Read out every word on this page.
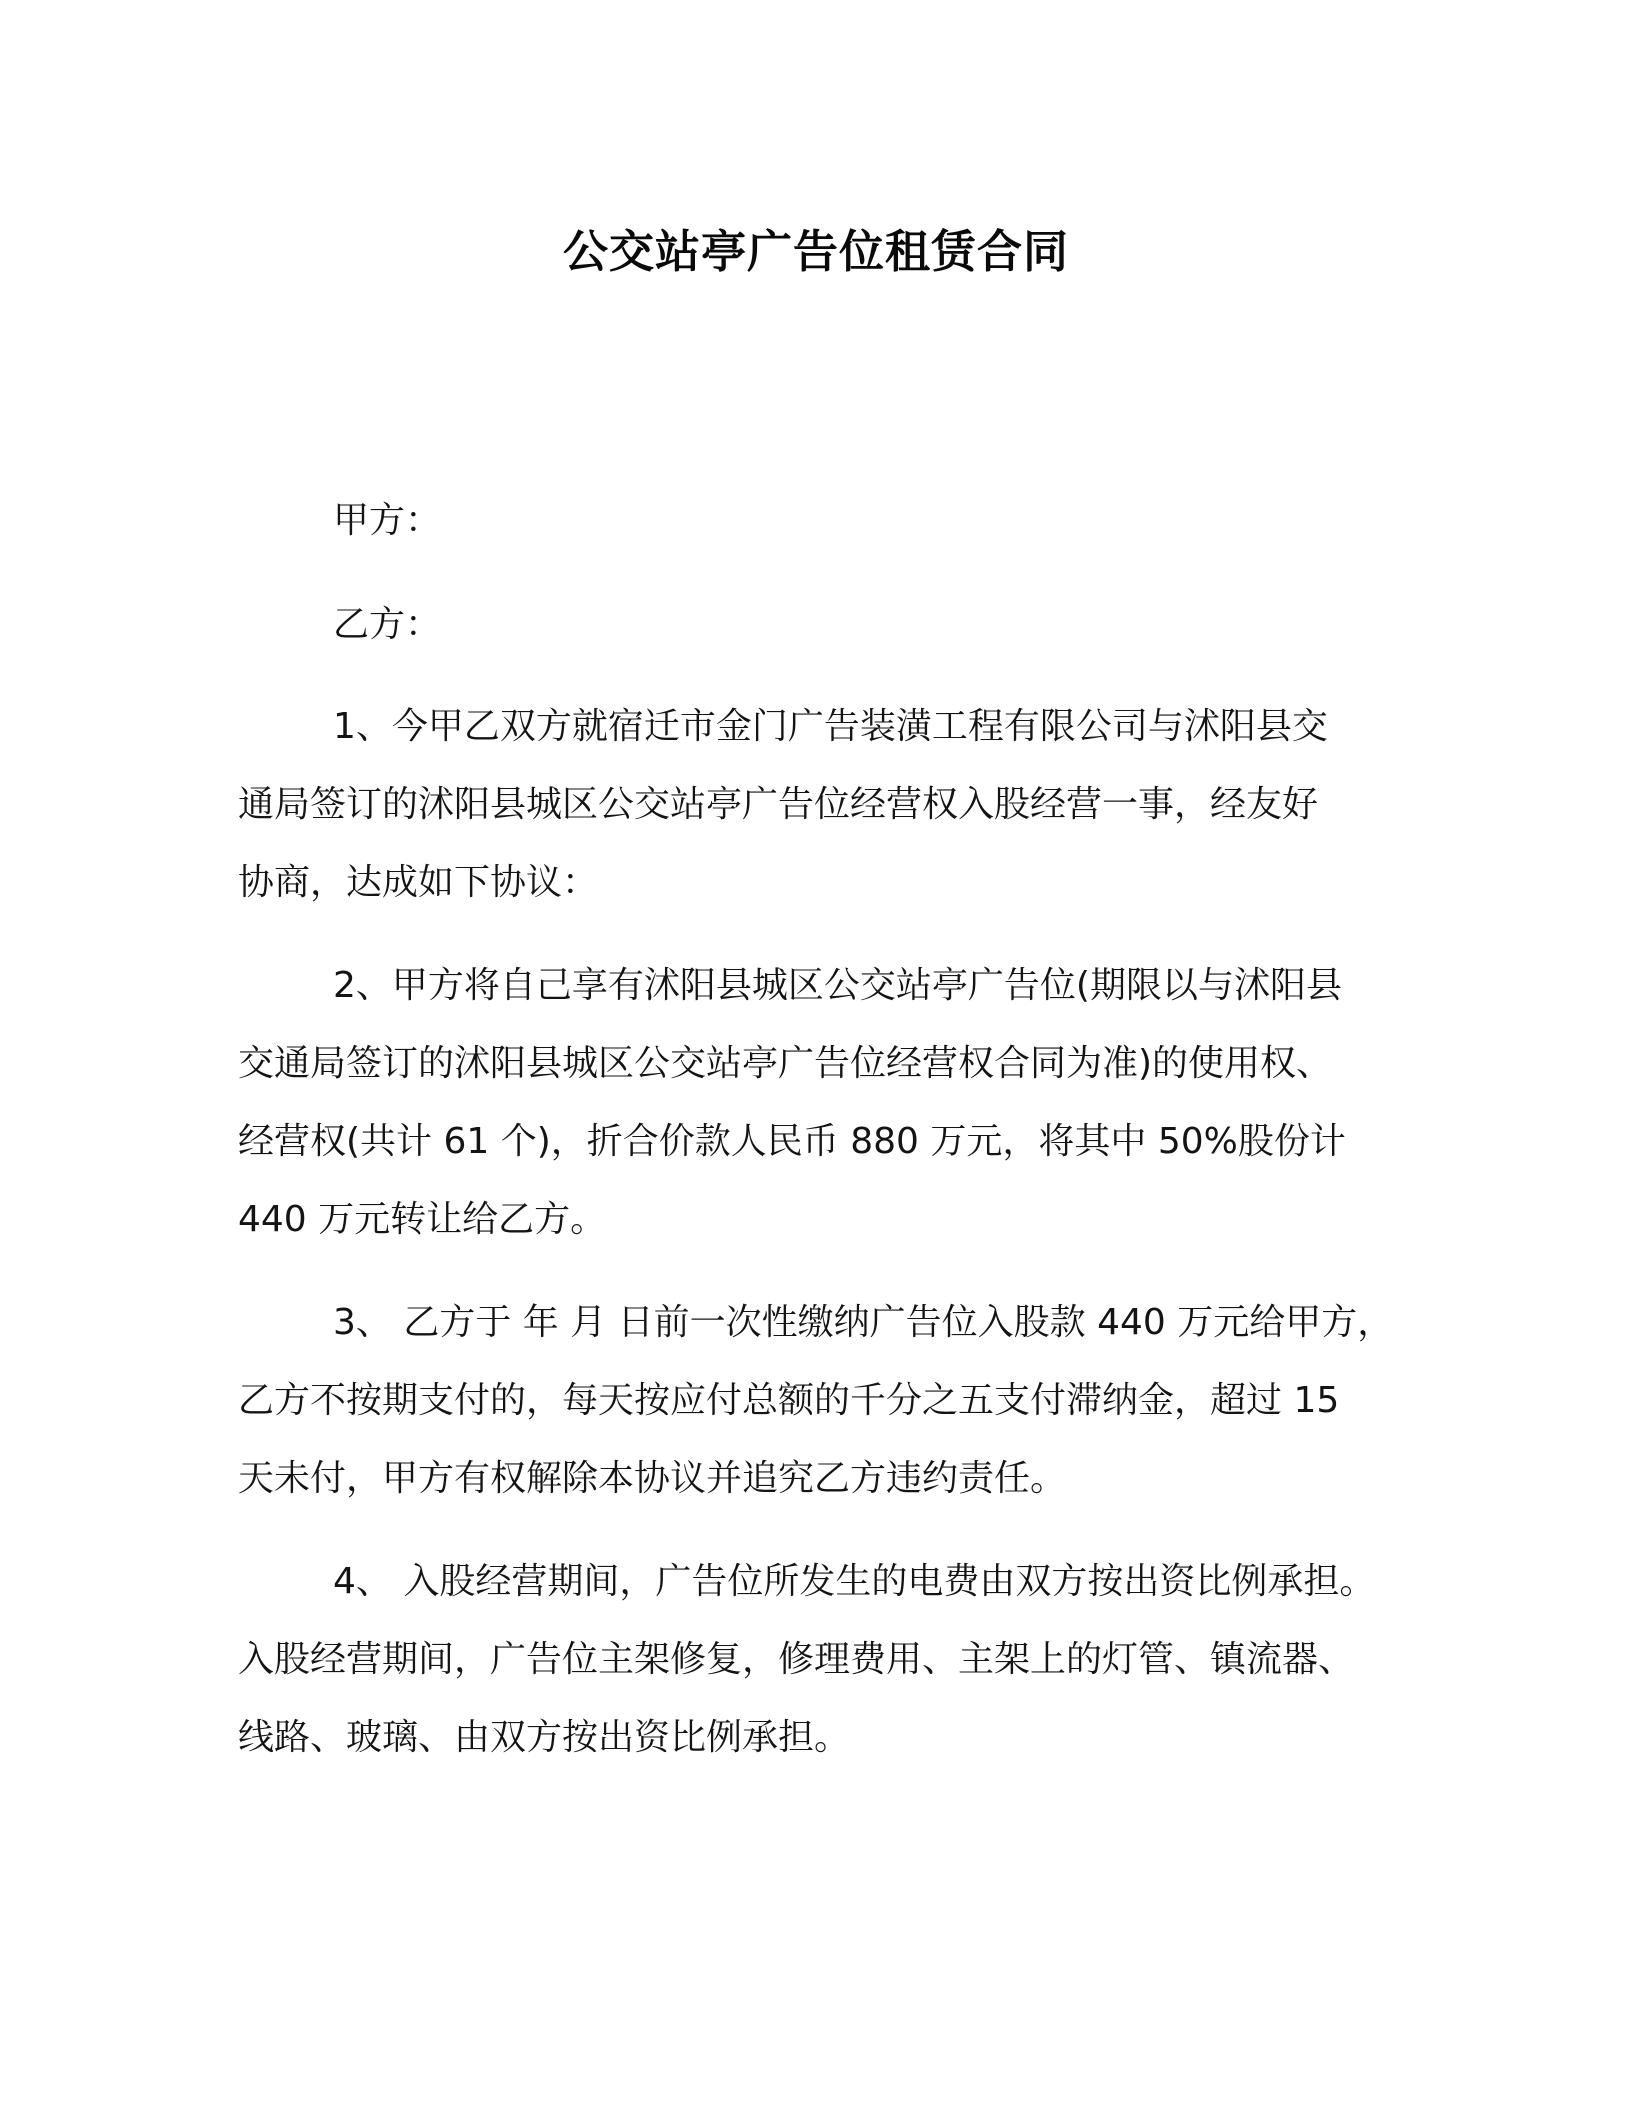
公交站亭广告位租赁合同
甲方：
乙方：
1、今甲乙双方就宿迁市金门广告装潢工程有限公司与沭阳县交
通局签订的沭阳县城区公交站亭广告位经营权入股经营一事，经友好
协商，达成如下协议：
2、甲方将自己享有沭阳县城区公交站亭广告位(期限以与沭阳县
交通局签订的沭阳县城区公交站亭广告位经营权合同为准)的使用权、
经营权(共计 61 个)，折合价款人民币 880 万元，将其中 50%股份计
440 万元转让给乙方。
3、 乙方于 年 月 日前一次性缴纳广告位入股款 440 万元给甲方，
乙方不按期支付的，每天按应付总额的千分之五支付滞纳金，超过 15
天未付，甲方有权解除本协议并追究乙方违约责任。
4、 入股经营期间，广告位所发生的电费由双方按出资比例承担。
入股经营期间，广告位主架修复，修理费用、主架上的灯管、镇流器、
线路、玻璃、由双方按出资比例承担。
